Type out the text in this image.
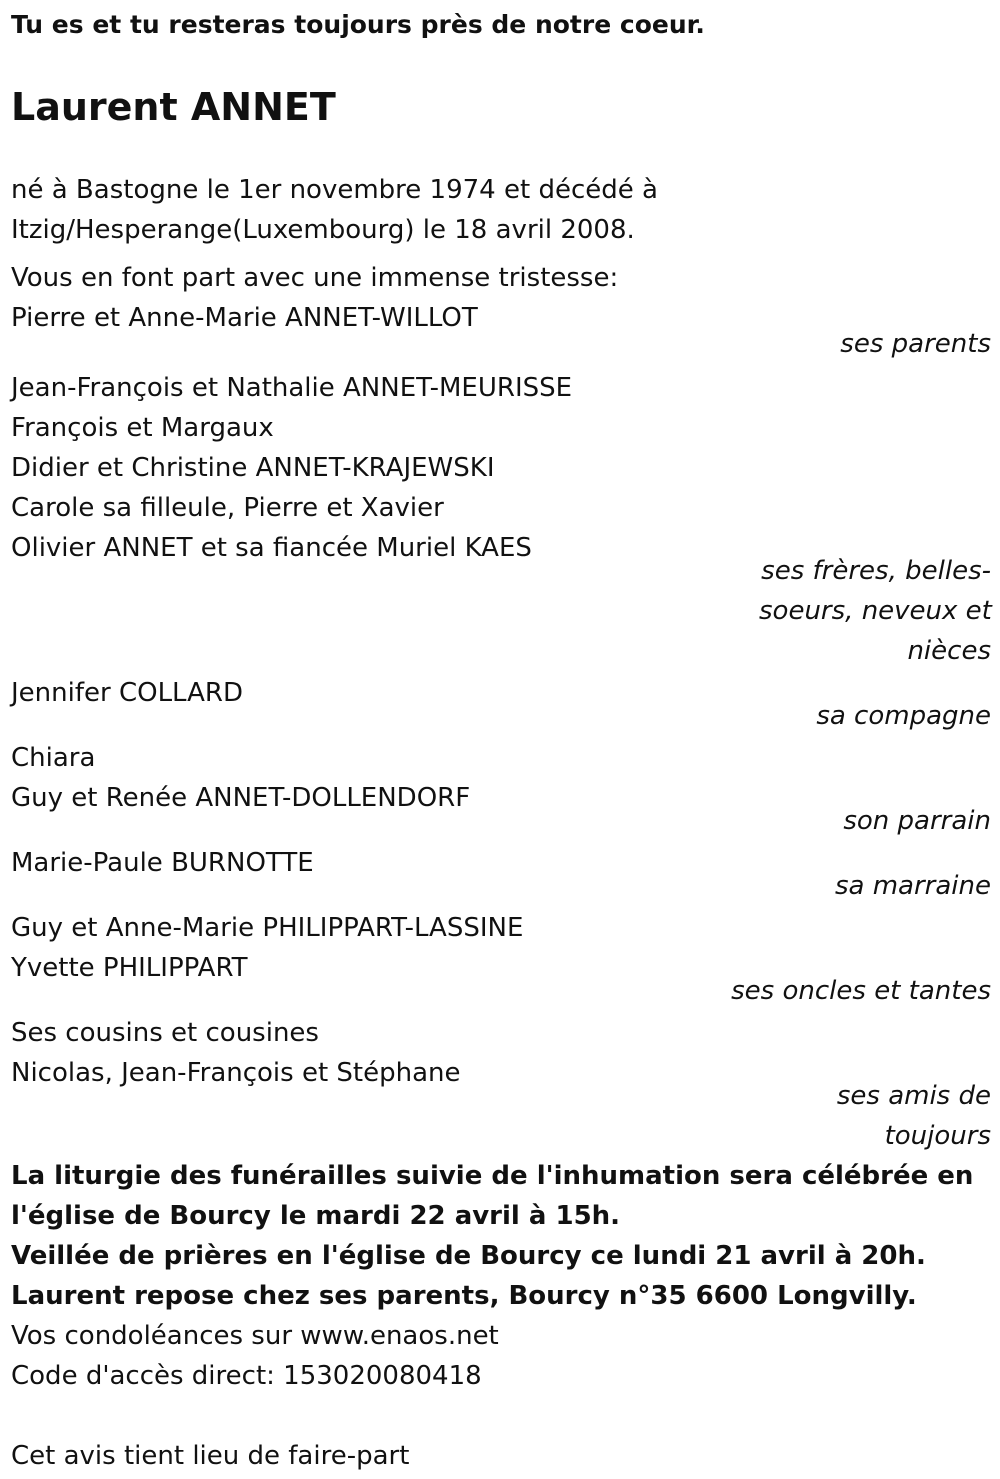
Tu es et tu resteras toujours près de notre coeur.
Laurent ANNET
né à Bastogne le 1er novembre 1974 et décédé à
Itzig/Hesperange(Luxembourg) le 18 avril 2008.
Vous en font part avec une immense tristesse:
Pierre et Anne-Marie ANNET-WILLOT
ses parents
Jean-François et Nathalie ANNET-MEURISSE
François et Margaux
Didier et Christine ANNET-KRAJEWSKI
Carole sa filleule, Pierre et Xavier
Olivier ANNET et sa fiancée Muriel KAES
ses frères, belles-
soeurs, neveux et
nièces
Jennifer COLLARD
sa compagne
Chiara
Guy et Renée ANNET-DOLLENDORF
son parrain
Marie-Paule BURNOTTE
sa marraine
Guy et Anne-Marie PHILIPPART-LASSINE
Yvette PHILIPPART
ses oncles et tantes
Ses cousins et cousines
Nicolas, Jean-François et Stéphane
ses amis de
toujours
La liturgie des funérailles suivie de l'inhumation sera célébrée en
l'église de Bourcy le mardi 22 avril à 15h.
Veillée de prières en l'église de Bourcy ce lundi 21 avril à 20h.
Laurent repose chez ses parents, Bourcy n°35 6600 Longvilly.
Vos condoléances sur www.enaos.net
Code d'accès direct: 153020080418
Cet avis tient lieu de faire-part
